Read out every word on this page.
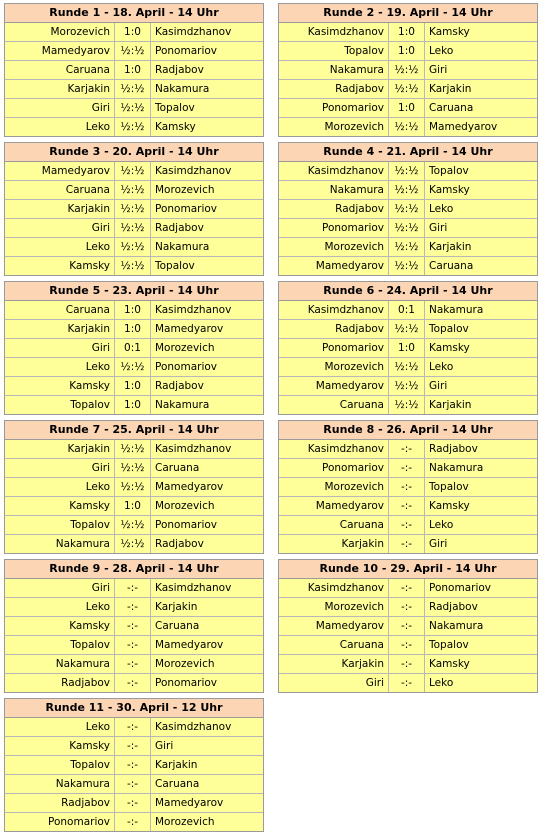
Runde 1 - 18. April - 14 Uhr
Morozevich	1:0	Kasimdzhanov
Mamedyarov	½:½	Ponomariov
Caruana	1:0	Radjabov
Karjakin	½:½	Nakamura
Giri	½:½	Topalov
Leko	½:½	Kamsky
Runde 2 - 19. April - 14 Uhr
Kasimdzhanov	1:0	Kamsky
Topalov	1:0	Leko
Nakamura	½:½	Giri
Radjabov	½:½	Karjakin
Ponomariov	1:0	Caruana
Morozevich	½:½	Mamedyarov
Runde 3 - 20. April - 14 Uhr
Mamedyarov	½:½	Kasimdzhanov
Caruana	½:½	Morozevich
Karjakin	½:½	Ponomariov
Giri	½:½	Radjabov
Leko	½:½	Nakamura
Kamsky	½:½	Topalov
Runde 4 - 21. April - 14 Uhr
Kasimdzhanov	½:½	Topalov
Nakamura	½:½	Kamsky
Radjabov	½:½	Leko
Ponomariov	½:½	Giri
Morozevich	½:½	Karjakin
Mamedyarov	½:½	Caruana
Runde 5 - 23. April - 14 Uhr
Caruana	1:0	Kasimdzhanov
Karjakin	1:0	Mamedyarov
Giri	0:1	Morozevich
Leko	½:½	Ponomariov
Kamsky	1:0	Radjabov
Topalov	1:0	Nakamura
Runde 6 - 24. April - 14 Uhr
Kasimdzhanov	0:1	Nakamura
Radjabov	½:½	Topalov
Ponomariov	1:0	Kamsky
Morozevich	½:½	Leko
Mamedyarov	½:½	Giri
Caruana	½:½	Karjakin
Runde 7 - 25. April - 14 Uhr
Karjakin	½:½	Kasimdzhanov
Giri	½:½	Caruana
Leko	½:½	Mamedyarov
Kamsky	1:0	Morozevich
Topalov	½:½	Ponomariov
Nakamura	½:½	Radjabov
Runde 8 - 26. April - 14 Uhr
Kasimdzhanov	-:-	Radjabov
Ponomariov	-:-	Nakamura
Morozevich	-:-	Topalov
Mamedyarov	-:-	Kamsky
Caruana	-:-	Leko
Karjakin	-:-	Giri
Runde 9 - 28. April - 14 Uhr
Giri	-:-	Kasimdzhanov
Leko	-:-	Karjakin
Kamsky	-:-	Caruana
Topalov	-:-	Mamedyarov
Nakamura	-:-	Morozevich
Radjabov	-:-	Ponomariov
Runde 10 - 29. April - 14 Uhr
Kasimdzhanov	-:-	Ponomariov
Morozevich	-:-	Radjabov
Mamedyarov	-:-	Nakamura
Caruana	-:-	Topalov
Karjakin	-:-	Kamsky
Giri	-:-	Leko
Runde 11 - 30. April - 12 Uhr
Leko	-:-	Kasimdzhanov
Kamsky	-:-	Giri
Topalov	-:-	Karjakin
Nakamura	-:-	Caruana
Radjabov	-:-	Mamedyarov
Ponomariov	-:-	Morozevich
